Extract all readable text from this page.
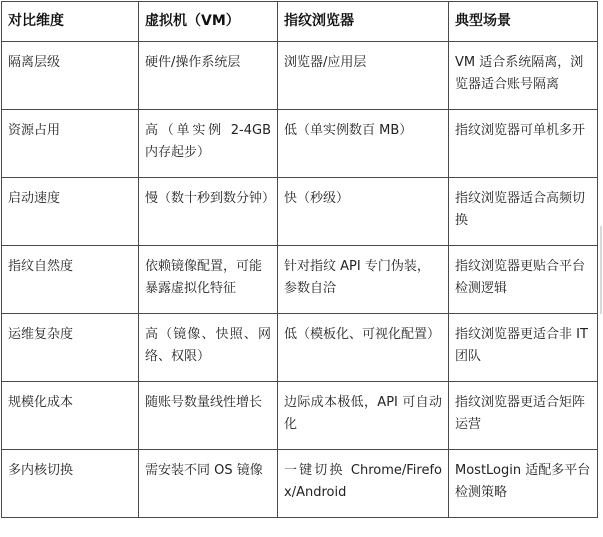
对比维度	虚拟机（VM）	指纹浏览器	典型场景
隔离层级	硬件/操作系统层	浏览器/应用层	VM 适合系统隔离，浏览器适合账号隔离
资源占用	高（单实例 2-4GB 内存起步）	低（单实例数百 MB）	指纹浏览器可单机多开
启动速度	慢（数十秒到数分钟）	快（秒级）	指纹浏览器适合高频切换
指纹自然度	依赖镜像配置，可能暴露虚拟化特征	针对指纹 API 专门伪装，参数自洽	指纹浏览器更贴合平台检测逻辑
运维复杂度	高（镜像、快照、网络、权限）	低（模板化、可视化配置）	指纹浏览器更适合非 IT 团队
规模化成本	随账号数量线性增长	边际成本极低，API 可自动化	指纹浏览器更适合矩阵运营
多内核切换	需安装不同 OS 镜像	一键切换 Chrome/Firefox/Android	MostLogin 适配多平台检测策略
